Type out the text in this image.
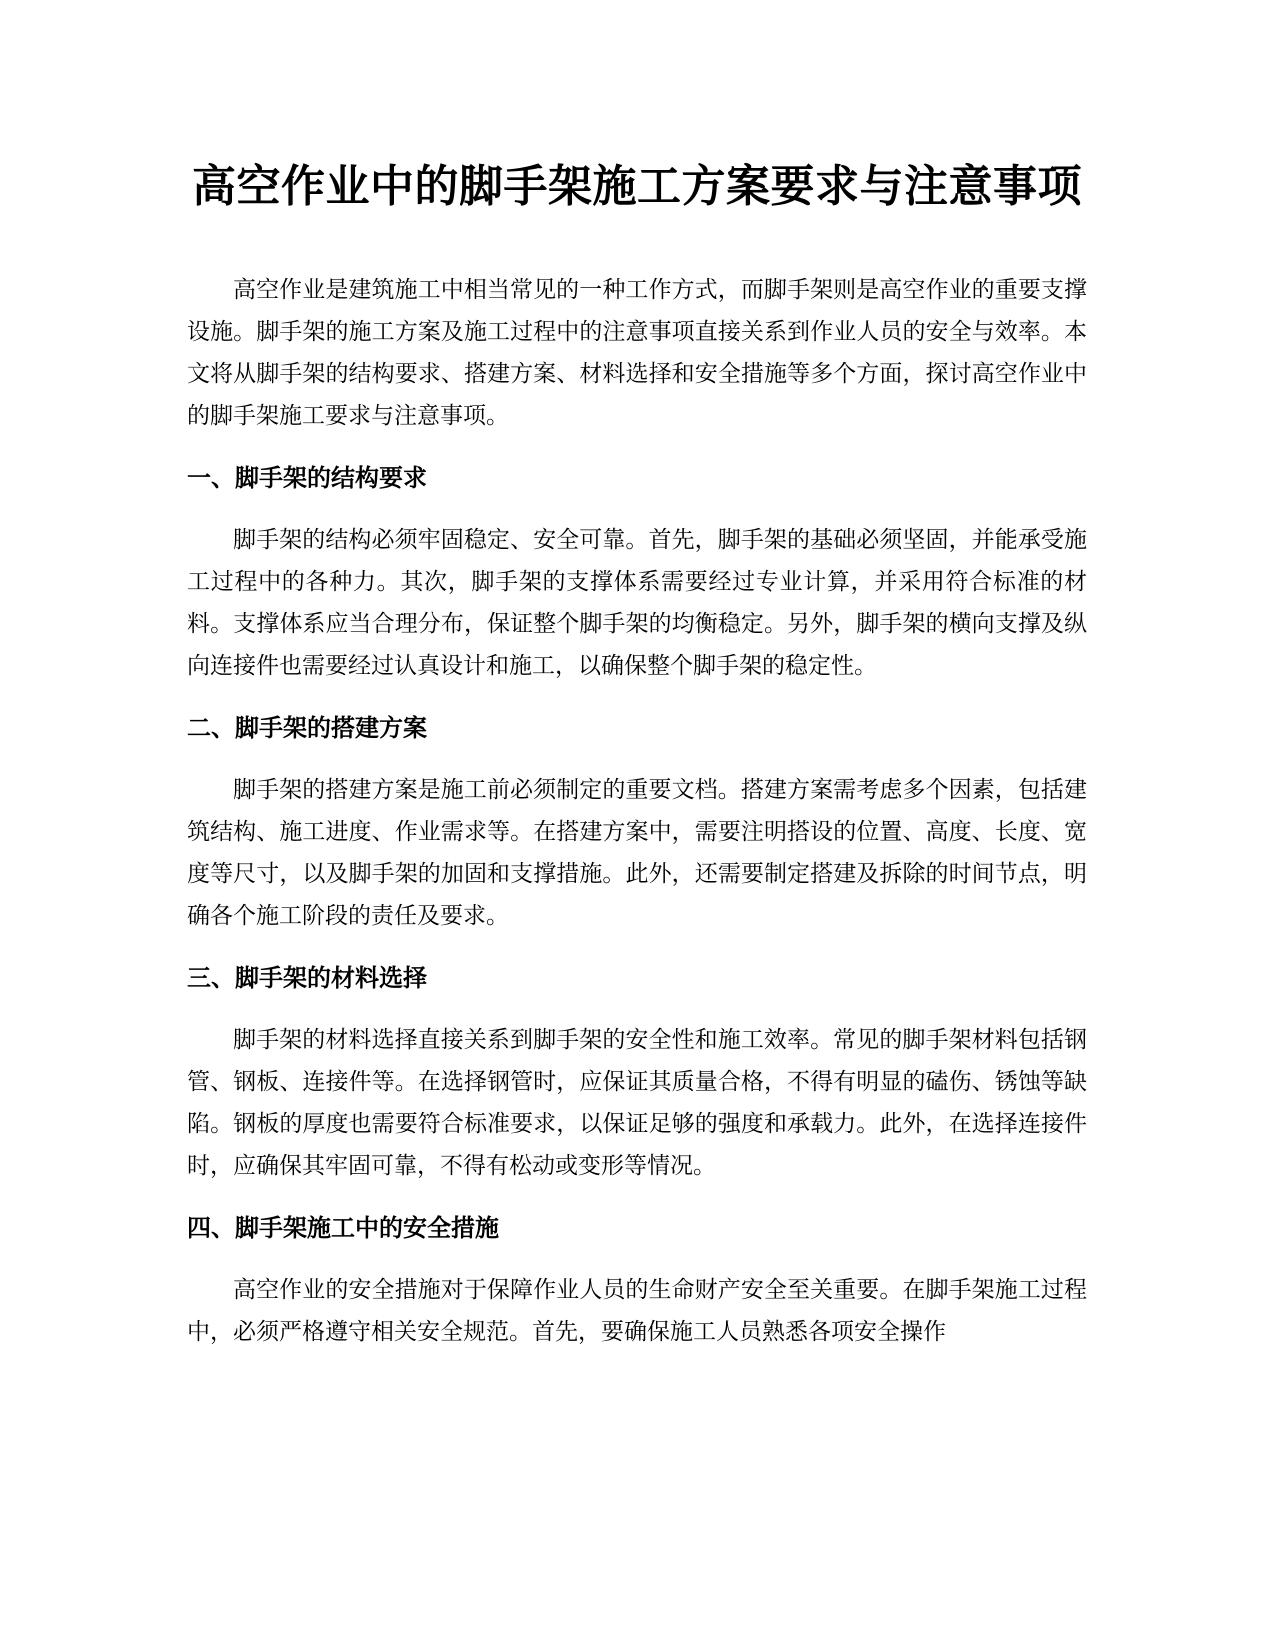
高空作业中的脚手架施工方案要求与注意事项

高空作业是建筑施工中相当常见的一种工作方式，而脚手架则是高空作业的重要支撑设施。脚手架的施工方案及施工过程中的注意事项直接关系到作业人员的安全与效率。本文将从脚手架的结构要求、搭建方案、材料选择和安全措施等多个方面，探讨高空作业中的脚手架施工要求与注意事项。

一、脚手架的结构要求

脚手架的结构必须牢固稳定、安全可靠。首先，脚手架的基础必须坚固，并能承受施工过程中的各种力。其次，脚手架的支撑体系需要经过专业计算，并采用符合标准的材料。支撑体系应当合理分布，保证整个脚手架的均衡稳定。另外，脚手架的横向支撑及纵向连接件也需要经过认真设计和施工，以确保整个脚手架的稳定性。

二、脚手架的搭建方案

脚手架的搭建方案是施工前必须制定的重要文档。搭建方案需考虑多个因素，包括建筑结构、施工进度、作业需求等。在搭建方案中，需要注明搭设的位置、高度、长度、宽度等尺寸，以及脚手架的加固和支撑措施。此外，还需要制定搭建及拆除的时间节点，明确各个施工阶段的责任及要求。

三、脚手架的材料选择

脚手架的材料选择直接关系到脚手架的安全性和施工效率。常见的脚手架材料包括钢管、钢板、连接件等。在选择钢管时，应保证其质量合格，不得有明显的磕伤、锈蚀等缺陷。钢板的厚度也需要符合标准要求，以保证足够的强度和承载力。此外，在选择连接件时，应确保其牢固可靠，不得有松动或变形等情况。

四、脚手架施工中的安全措施

高空作业的安全措施对于保障作业人员的生命财产安全至关重要。在脚手架施工过程中，必须严格遵守相关安全规范。首先，要确保施工人员熟悉各项安全操作
